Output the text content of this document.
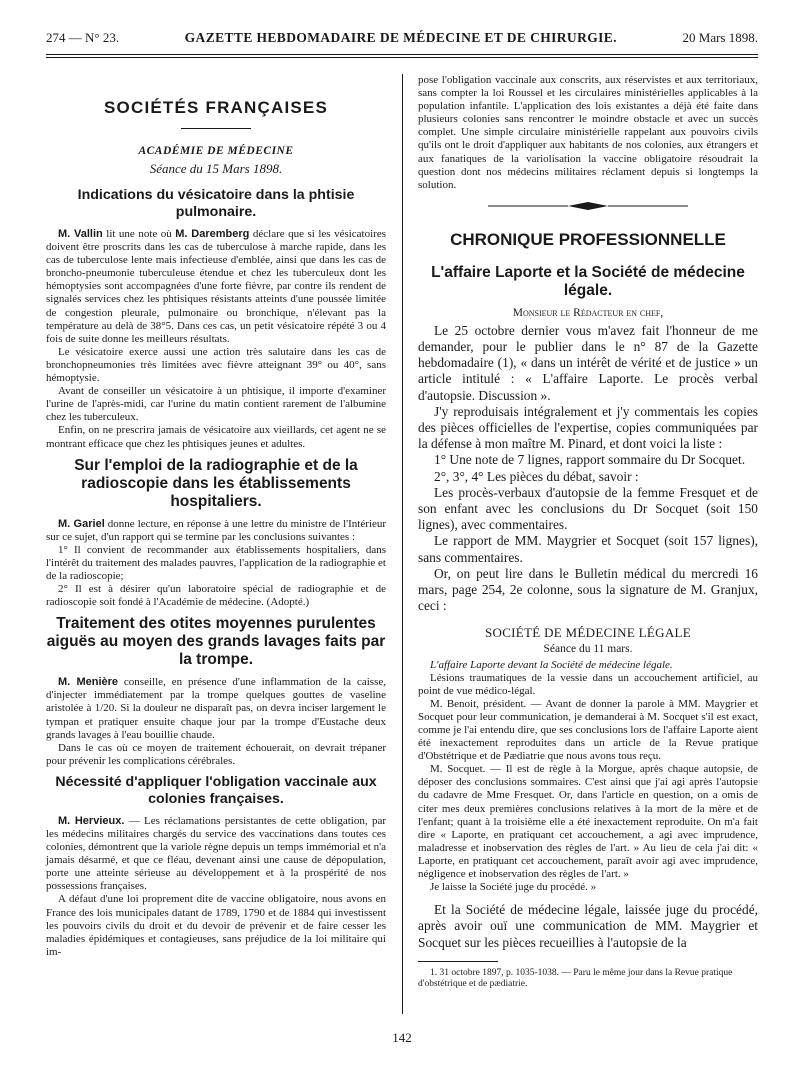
274 — N° 23.	GAZETTE HEBDOMADAIRE DE MÉDECINE ET DE CHIRURGIE.	20 Mars 1898.
SOCIÉTÉS FRANÇAISES
ACADÉMIE DE MÉDECINE
Séance du 15 Mars 1898.
Indications du vésicatoire dans la phtisie pulmonaire.

M. Vallin lit une note où M. Daremberg déclare que si les vésicatoires doivent être proscrits dans les cas de tuberculose à marche rapide, dans les cas de tuberculose lente mais infectieuse d'emblée, ainsi que dans les cas de broncho-pneumonie tuberculeuse étendue et chez les tuberculeux dont les hémoptysies sont accompagnées d'une forte fièvre, par contre ils rendent de signalés services chez les phtisiques résistants atteints d'une poussée limitée de congestion pleurale, pulmonaire ou bronchique, n'élevant pas la température au delà de 38°5. Dans ces cas, un petit vésicatoire répété 3 ou 4 fois de suite donne les meilleurs résultats.

Le vésicatoire exerce aussi une action très salutaire dans les cas de bronchopneumonies très limitées avec fièvre atteignant 39° ou 40°, sans hémoptysie.

Avant de conseiller un vésicatoire à un phtisique, il importe d'examiner l'urine de l'après-midi, car l'urine du matin contient rarement de l'albumine chez les tuberculeux.

Enfin, on ne prescrira jamais de vésicatoire aux vieillards, cet agent ne se montrant efficace que chez les phtisiques jeunes et adultes.

Sur l'emploi de la radiographie et de la radioscopie dans les établissements hospitaliers.

M. Gariel donne lecture, en réponse à une lettre du ministre de l'Intérieur sur ce sujet, d'un rapport qui se termine par les conclusions suivantes :

1° Il convient de recommander aux établissements hospitaliers, dans l'intérêt du traitement des malades pauvres, l'application de la radiographie et de la radioscopie;

2° Il est à désirer qu'un laboratoire spécial de radiographie et de radioscopie soit fondé à l'Académie de médecine. (Adopté.)

Traitement des otites moyennes purulentes aiguës au moyen des grands lavages faits par la trompe.

M. Menière conseille, en présence d'une inflammation de la caisse, d'injecter immédiatement par la trompe quelques gouttes de vaseline aristolée à 1/20. Si la douleur ne disparaît pas, on devra inciser largement le tympan et pratiquer ensuite chaque jour par la trompe d'Eustache deux grands lavages à l'eau bouillie chaude.

Dans le cas où ce moyen de traitement échouerait, on devrait trépaner pour prévenir les complications cérébrales.

Nécessité d'appliquer l'obligation vaccinale aux colonies françaises.

M. Hervieux. — Les réclamations persistantes de cette obligation, par les médecins militaires chargés du service des vaccinations dans toutes ces colonies, démontrent que la variole règne depuis un temps immémorial et n'a jamais désarmé, et que ce fléau, devenant ainsi une cause de dépopulation, porte une atteinte sérieuse au développement et à la prospérité de nos possessions françaises.

A défaut d'une loi proprement dite de vaccine obligatoire, nous avons en France des lois municipales datant de 1789, 1790 et de 1884 qui investissent les pouvoirs civils du droit et du devoir de prévenir et de faire cesser les maladies épidémiques et contagieuses, sans préjudice de la loi militaire qui im-

pose l'obligation vaccinale aux conscrits, aux réservistes et aux territoriaux, sans compter la loi Roussel et les circulaires ministérielles applicables à la population infantile. L'application des lois existantes a déjà été faite dans plusieurs colonies sans rencontrer le moindre obstacle et avec un succès complet. Une simple circulaire ministérielle rappelant aux pouvoirs civils qu'ils ont le droit d'appliquer aux habitants de nos colonies, aux étrangers et aux fanatiques de la variolisation la vaccine obligatoire résoudrait la question dont nos médecins militaires réclament depuis si longtemps la solution.

CHRONIQUE PROFESSIONNELLE
L'affaire Laporte et la Société de médecine légale.
Monsieur le Rédacteur en chef,

Le 25 octobre dernier vous m'avez fait l'honneur de me demander, pour le publier dans le n° 87 de la Gazette hebdomadaire (1), « dans un intérêt de vérité et de justice » un article intitulé : « L'affaire Laporte. Le procès verbal d'autopsie. Discussion ».

J'y reproduisais intégralement et j'y commentais les copies des pièces officielles de l'expertise, copies communiquées par la défense à mon maître M. Pinard, et dont voici la liste :

1° Une note de 7 lignes, rapport sommaire du Dr Socquet.

2°, 3°, 4° Les pièces du débat, savoir :

Les procès-verbaux d'autopsie de la femme Fresquet et de son enfant avec les conclusions du Dr Socquet (soit 150 lignes), avec commentaires.

Le rapport de MM. Maygrier et Socquet (soit 157 lignes), sans commentaires.

Or, on peut lire dans le Bulletin médical du mercredi 16 mars, page 254, 2e colonne, sous la signature de M. Granjux, ceci :

SOCIÉTÉ DE MÉDECINE LÉGALE
Séance du 11 mars.

L'affaire Laporte devant la Société de médecine légale.

Lésions traumatiques de la vessie dans un accouchement artificiel, au point de vue médico-légal.

M. Benoit, président. — Avant de donner la parole à MM. Maygrier et Socquet pour leur communication, je demanderai à M. Socquet s'il est exact, comme je l'ai entendu dire, que ses conclusions lors de l'affaire Laporte aient été inexactement reproduites dans un article de la Revue pratique d'Obstétrique et de Pædiatrie que nous avons tous reçu.

M. Socquet. — Il est de règle à la Morgue, après chaque autopsie, de déposer des conclusions sommaires. C'est ainsi que j'ai agi après l'autopsie du cadavre de Mme Fresquet. Or, dans l'article en question, on a omis de citer mes deux premières conclusions relatives à la mort de la mère et de l'enfant; quant à la troisième elle a été inexactement reproduite. On m'a fait dire « Laporte, en pratiquant cet accouchement, a agi avec imprudence, maladresse et inobservation des règles de l'art. » Au lieu de cela j'ai dit: « Laporte, en pratiquant cet accouchement, paraît avoir agi avec imprudence, négligence et inobservation des règles de l'art. »

Je laisse la Société juge du procédé. »

Et la Société de médecine légale, laissée juge du procédé, après avoir ouï une communication de MM. Maygrier et Socquet sur les pièces recueillies à l'autopsie de la

1. 31 octobre 1897, p. 1035-1038. — Paru le même jour dans la Revue pratique d'obstétrique et de pædiatrie.

142
